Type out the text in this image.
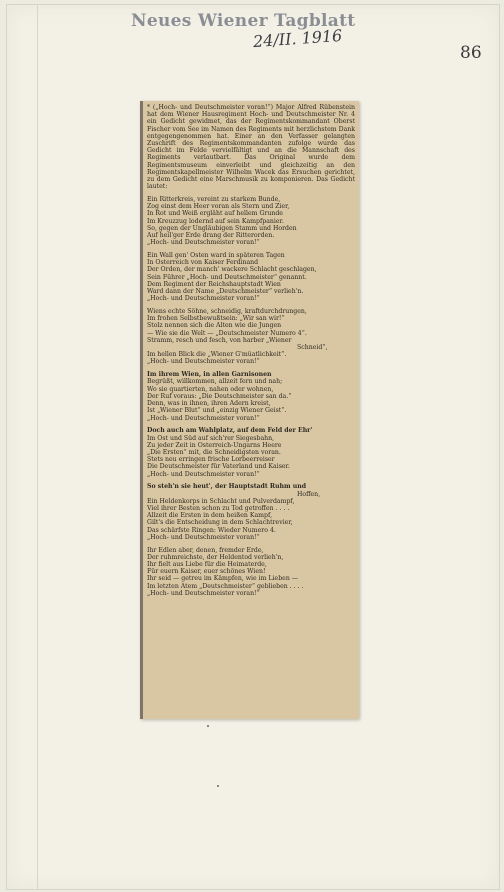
Neues Wiener Tagblatt
24/II. 1916
86

* („Hoch- und Deutschmeister voran!“) Major Alfred Rübenstein hat dem Wiener Hausregiment Hoch- und Deutschmeister Nr. 4 ein Gedicht gewidmet, das der Regimentskommandant Oberst Fischer vom See im Namen des Regiments mit herzlichstem Dank entgegengenommen hat. Einer an den Verfasser gelangten Zuschrift des Regimentskommandanten zufolge wurde das Gedicht im Felde vervielfältigt und an die Mannschaft des Regiments verlautbart. Das Original wurde dem Regimentsmuseum einverleibt und gleichzeitig an den Regimentskapellmeister Wilhelm Wacek das Ersuchen gerichtet, zu dem Gedicht eine Marschmusik zu komponieren. Das Gedicht lautet:

Ein Ritterkreis, vereint zu starkem Bunde,
Zog einst dem Heer voran als Stern und Zier,
In Rot und Weiß ergläht auf hellem Grunde
Im Kreuzzug lodernd auf sein Kampfpanier.
So, gegen der Ungläubigen Stamm und Horden
Auf heil'ger Erde drang der Ritterorden.
„Hoch- und Deutschmeister voran!“
Ein Wall gen' Osten ward in späteren Tagen
In Österreich von Kaiser Ferdinand
Der Orden, der manch' wackere Schlacht geschlagen,
Sein Führer „Hoch- und Deutschmeister“ genannt.
Dem Regiment der Reichshauptstadt Wien
Ward dann der Name „Deutschmeister“ verlieh'n.
„Hoch- und Deutschmeister voran!“
Wiens echte Söhne, schneidig, kraftdurchdrungen,
Im frohen Selbstbewußtsein: „Wir san wir!“
Stolz nennen sich die Alten wie die Jungen
— Wie sie die Welt — „Deutschmeister Numero 4“.
Stramm, resch und fesch, von harber „Wiener
Schneid“,
Im hellen Blick die „Wiener G'müatlichkeit“.
„Hoch- und Deutschmeister voran!“
Im ihrem Wien, in allen Garnisonen
Begrüßt, willkommen, allzeit fern und nah;
Wo sie quartierten, nahen oder wohnen,
Der Ruf voraus: „Die Deutschmeister san da.“
Denn, was in ihnen, ihren Adern kreist,
Ist „Wiener Blut“ und „einzig Wiener Geist“.
„Hoch- und Deutschmeister voran!“
Doch auch am Wahlplatz, auf dem Feld der Ehr'
Im Ost und Süd auf sich'rer Siegesbahn,
Zu jeder Zeit in Österreich-Ungarns Heere
„Die Ersten“ mit, die Schneidigsten voran.
Stets neu erringen frische Lorbeerreiser
Die Deutschmeister für Vaterland und Kaiser.
„Hoch- und Deutschmeister voran!“
So steh'n sie heut', der Hauptstadt Ruhm und
Hoffen,
Ein Heldenkorps in Schlacht und Pulverdampf,
Viel ihrer Besten schon zu Tod getroffen . . . .
Allzeit die Ersten in dem heißen Kampf,
Gilt's die Entscheidung in dem Schlachtrevier,
Das schärfste Ringen: Wieder Numero 4.
„Hoch- und Deutschmeister voran!“
Ihr Edlen aber, denen, fremder Erde,
Der ruhmreichste, der Heldentod verlieh'n,
Ihr fielt aus Liebe für die Heimaterde,
Für euern Kaiser, euer schönes Wien!
Ihr seid — getreu im Kämpfen, wie im Lieben —
Im letzten Atem „Deutschmeister“ geblieben . . . .
„Hoch- und Deutschmeister voran!“
